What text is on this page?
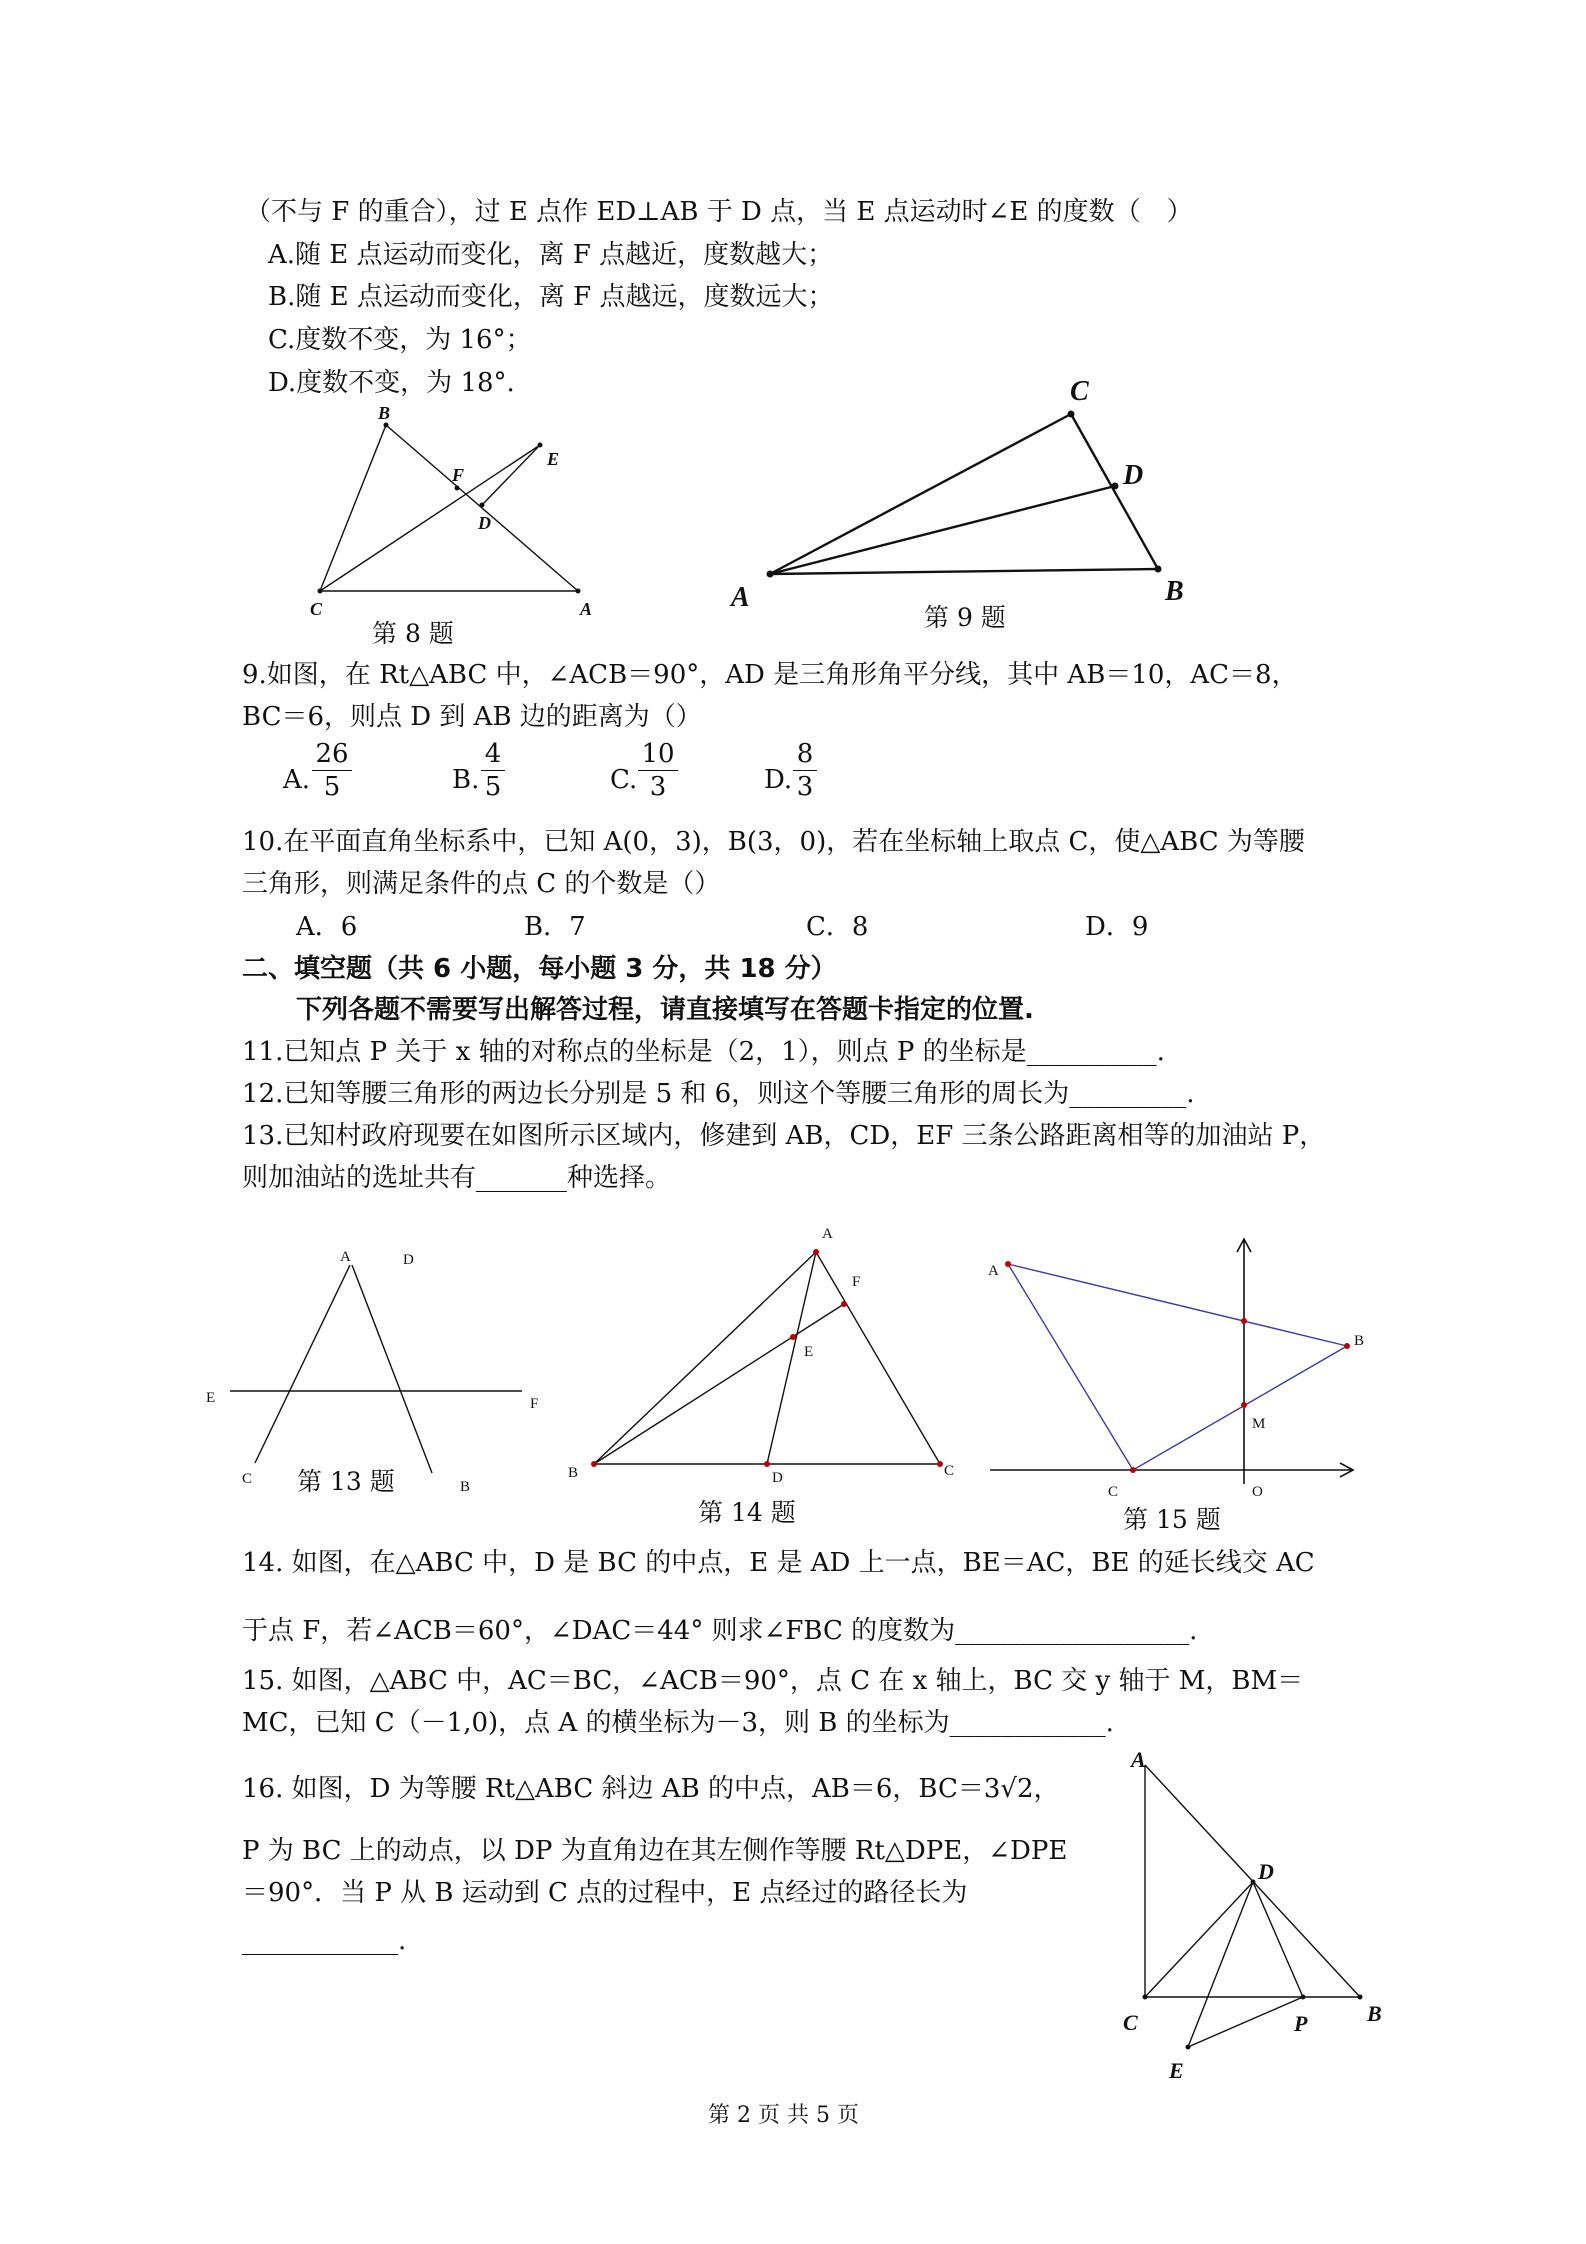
（不与 F 的重合），过 E 点作 ED⊥AB 于 D 点，当 E 点运动时∠E 的度数（　）
A.随 E 点运动而变化，离 F 点越近，度数越大；
B.随 E 点运动而变化，离 F 点越远，度数远大；
C.度数不变，为 16°；
D.度数不变，为 18°.
B
E
F
D
C	A
第 8 题
C
D
A	B
第 9 题
9.如图，在 Rt△ABC 中，∠ACB＝90°，AD 是三角形角平分线，其中 AB＝10，AC＝8，
BC＝6，则点 D 到 AB 边的距离为（）
A. $\frac{26}{5}$	B. $\frac{4}{5}$	C. $\frac{10}{3}$	D. $\frac{8}{3}$
10.在平面直角坐标系中，已知 A(0，3)，B(3，0)，若在坐标轴上取点 C，使△ABC 为等腰
三角形，则满足条件的点 C 的个数是（）
A．6	B．7	C．8	D．9
二、填空题（共 6 小题，每小题 3 分，共 18 分）
下列各题不需要写出解答过程，请直接填写在答题卡指定的位置.
11.已知点 P 关于 x 轴的对称点的坐标是（2，1），则点 P 的坐标是__________.
12.已知等腰三角形的两边长分别是 5 和 6，则这个等腰三角形的周长为_________.
13.已知村政府现要在如图所示区域内，修建到 AB，CD，EF 三条公路距离相等的加油站 P，
则加油站的选址共有_______种选择。
A	D
E	F
C	B
第 13 题
A
F
E
B	D	C
第 14 题
A
B
M
C	O
第 15 题
14. 如图，在△ABC 中，D 是 BC 的中点，E 是 AD 上一点，BE＝AC，BE 的延长线交 AC
于点 F，若∠ACB＝60°，∠DAC＝44° 则求∠FBC 的度数为__________________.
15. 如图，△ABC 中，AC＝BC，∠ACB＝90°，点 C 在 x 轴上，BC 交 y 轴于 M，BM＝
MC，已知 C（－1,0)，点 A 的横坐标为－3，则 B 的坐标为____________.
16. 如图，D 为等腰 Rt△ABC 斜边 AB 的中点，AB＝6，BC＝3√2，
P 为 BC 上的动点，以 DP 为直角边在其左侧作等腰 Rt△DPE，∠DPE
＝90°．当 P 从 B 运动到 C 点的过程中，E 点经过的路径长为
____________.
A
D
C	P	B
E
第 2 页 共 5 页
